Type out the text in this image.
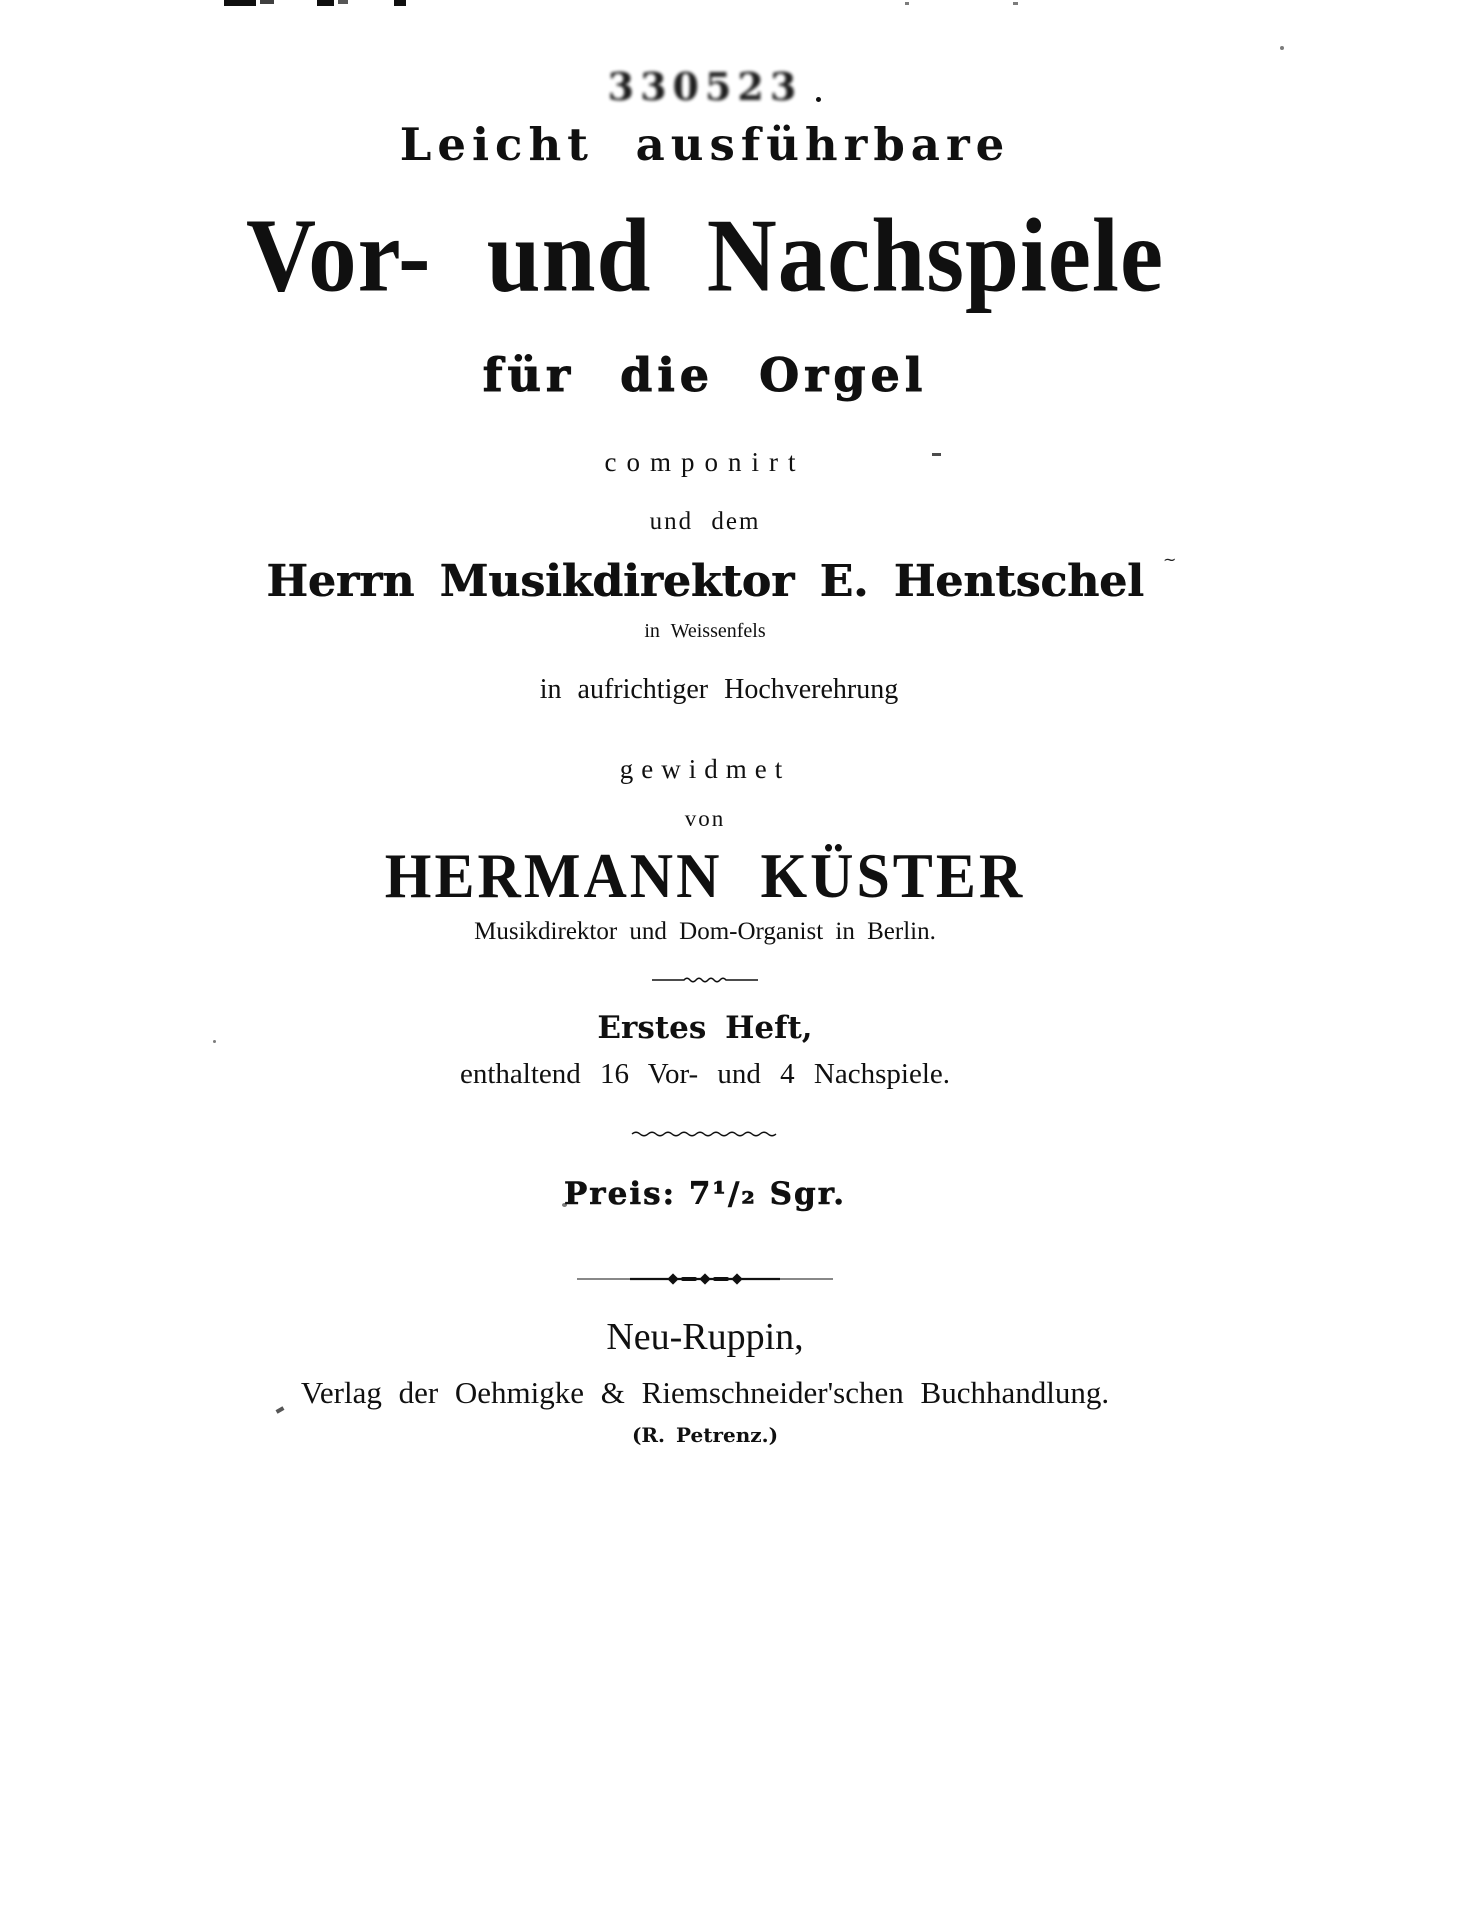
330523
Leicht ausführbare
Vor- und Nachspiele
für die Orgel
componirt
und dem
Herrn Musikdirektor E. Hentschel	~
in Weissenfels
in aufrichtiger Hochverehrung
gewidmet
von
HERMANN KÜSTER
Musikdirektor und Dom-Organist in Berlin.
Erstes Heft,
enthaltend 16 Vor- und 4 Nachspiele.
Preis: 7¹/₂ Sgr.
Neu-Ruppin,
Verlag der Oehmigke & Riemschneider'schen Buchhandlung.
(R. Petrenz.)
